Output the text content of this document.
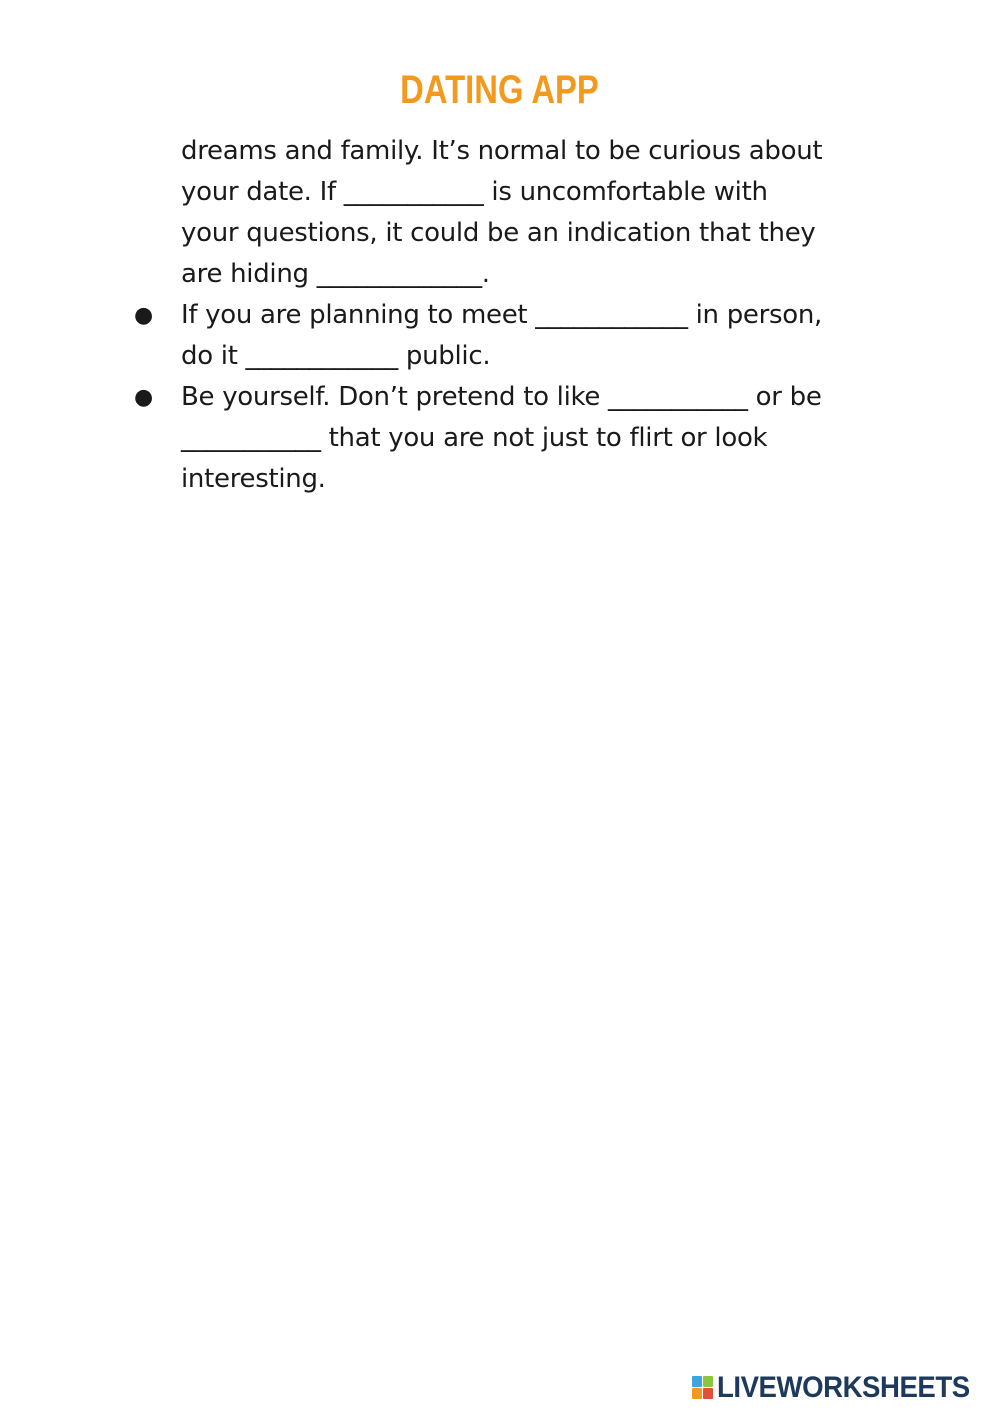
DATING APP
dreams and family. It’s normal to be curious about
your date. If ___________ is uncomfortable with
your questions, it could be an indication that they
are hiding _____________.
● If you are planning to meet ____________ in person,
do it ____________ public.
● Be yourself. Don’t pretend to like ___________ or be
___________ that you are not just to flirt or look
interesting.
LIVEWORKSHEETS
